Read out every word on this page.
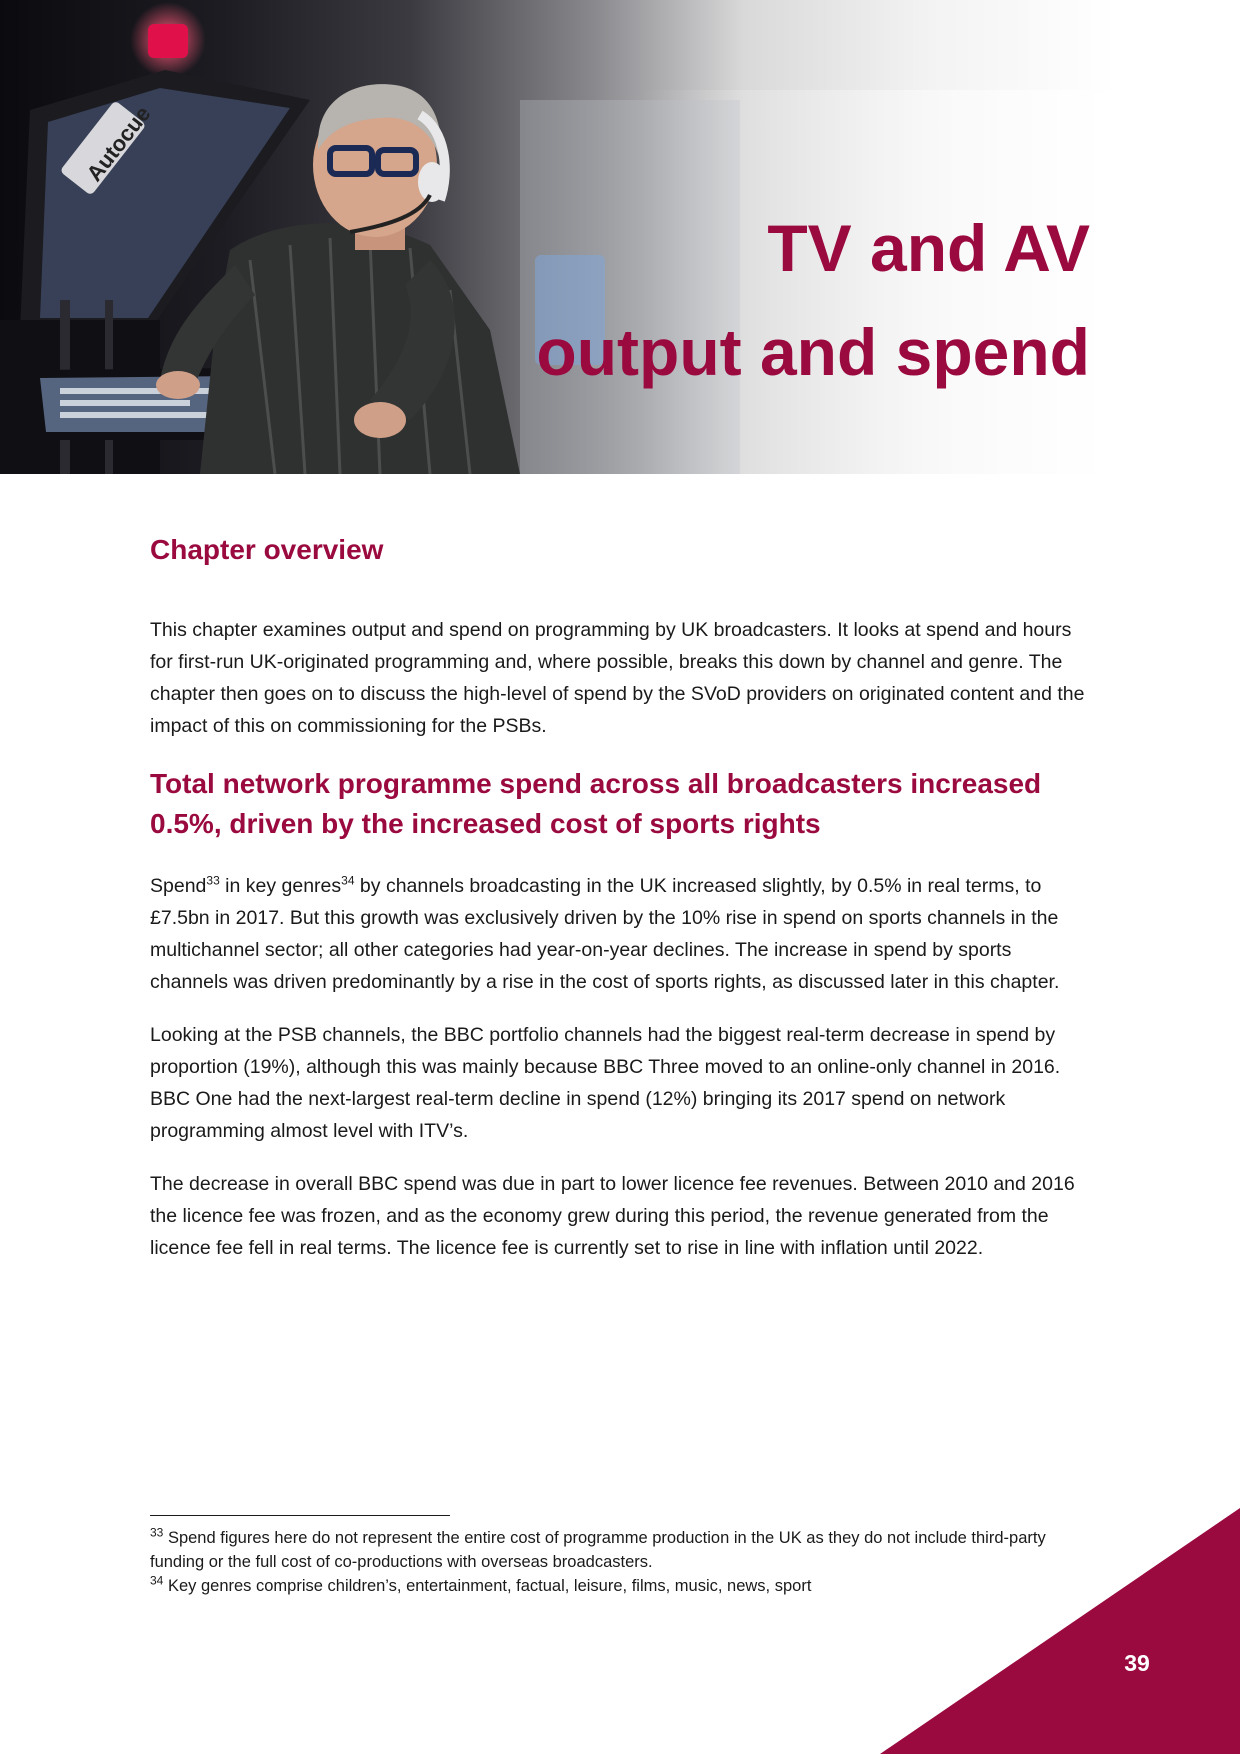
Autocue
TV and AV
output and spend
Chapter overview

This chapter examines output and spend on programming by UK broadcasters. It looks at spend and hours for first-run UK-originated programming and, where possible, breaks this down by channel and genre. The chapter then goes on to discuss the high-level of spend by the SVoD providers on originated content and the impact of this on commissioning for the PSBs.

Total network programme spend across all broadcasters increased 0.5%, driven by the increased cost of sports rights

Spend$^{33}$ in key genres$^{34}$ by channels broadcasting in the UK increased slightly, by 0.5% in real terms, to £7.5bn in 2017. But this growth was exclusively driven by the 10% rise in spend on sports channels in the multichannel sector; all other categories had year-on-year declines. The increase in spend by sports channels was driven predominantly by a rise in the cost of sports rights, as discussed later in this chapter.

Looking at the PSB channels, the BBC portfolio channels had the biggest real-term decrease in spend by proportion (19%), although this was mainly because BBC Three moved to an online-only channel in 2016. BBC One had the next-largest real-term decline in spend (12%) bringing its 2017 spend on network programming almost level with ITV’s.

The decrease in overall BBC spend was due in part to lower licence fee revenues. Between 2010 and 2016 the licence fee was frozen, and as the economy grew during this period, the revenue generated from the licence fee fell in real terms. The licence fee is currently set to rise in line with inflation until 2022.

$^{33}$ Spend figures here do not represent the entire cost of programme production in the UK as they do not include third-party funding or the full cost of co-productions with overseas broadcasters.

$^{34}$ Key genres comprise children’s, entertainment, factual, leisure, films, music, news, sport

39
